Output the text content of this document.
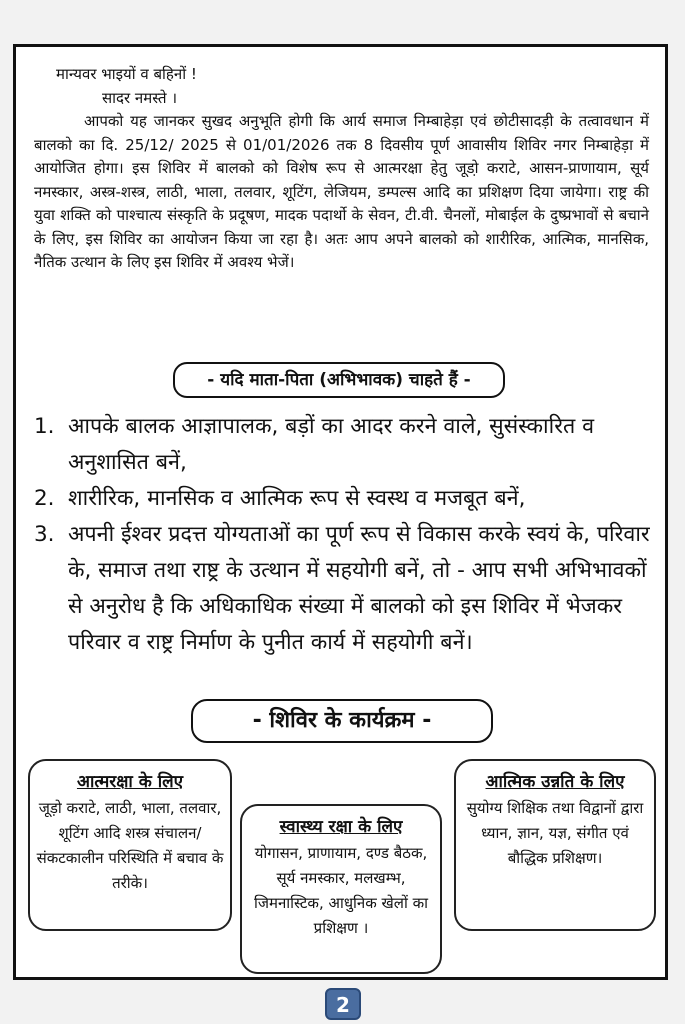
मान्यवर भाइयों व बहिनों !
सादर नमस्ते ।
आपको यह जानकर सुखद अनुभूति होगी कि आर्य समाज निम्बाहेड़ा एवं छोटीसादड़ी के तत्वावधान में बालको का दि. 25/12/ 2025 से 01/01/2026 तक 8 दिवसीय पूर्ण आवासीय शिविर नगर निम्बाहेड़ा में आयोजित होगा। इस शिविर में बालको को विशेष रूप से आत्मरक्षा हेतु जूडो़ कराटे, आसन-प्राणायाम, सूर्य नमस्कार, अस्त्र-शस्त्र, लाठी, भाला, तलवार, शूटिंग, लेजियम, डम्पल्स आदि का प्रशिक्षण दिया जायेगा। राष्ट्र की युवा शक्ति को पाश्चात्य संस्कृति के प्रदूषण, मादक पदार्थो के सेवन, टी.वी. चैनलों, मोबाईल के दुष्प्रभावों से बचाने के लिए, इस शिविर का आयोजन किया जा रहा है। अतः आप अपने बालको को शारीरिक, आत्मिक, मानसिक, नैतिक उत्थान के लिए इस शिविर में अवश्य भेजें।
- यदि माता-पिता (अभिभावक) चाहते हैं -
1. आपके बालक आज्ञापालक, बड़ों का आदर करने वाले, सुसंस्कारित व अनुशासित बनें,
2. शारीरिक, मानसिक व आत्मिक रूप से स्वस्थ व मजबूत बनें,
3. अपनी ईश्वर प्रदत्त योग्यताओं का पूर्ण रूप से विकास करके स्वयं के, परिवार के, समाज तथा राष्ट्र के उत्थान में सहयोगी बनें, तो - आप सभी अभिभावकों से अनुरोध है कि अधिकाधिक संख्या में बालको को इस शिविर में भेजकर परिवार व राष्ट्र निर्माण के पुनीत कार्य में सहयोगी बनें।
- शिविर के कार्यक्रम -
आत्मरक्षा के लिए
जूड़ो कराटे, लाठी, भाला, तलवार, शूटिंग आदि शस्त्र संचालन/संकटकालीन परिस्थिति में बचाव के तरीके।
स्वास्थ्य रक्षा के लिए
योगासन, प्राणायाम, दण्ड बैठक, सूर्य नमस्कार, मलखम्भ, जिमनास्टिक, आधुनिक खेलों का प्रशिक्षण ।
आत्मिक उन्नति के लिए
सुयोग्य शिक्षिक तथा विद्वानों द्वारा ध्यान, ज्ञान, यज्ञ, संगीत एवं बौद्धिक प्रशिक्षण।
2
